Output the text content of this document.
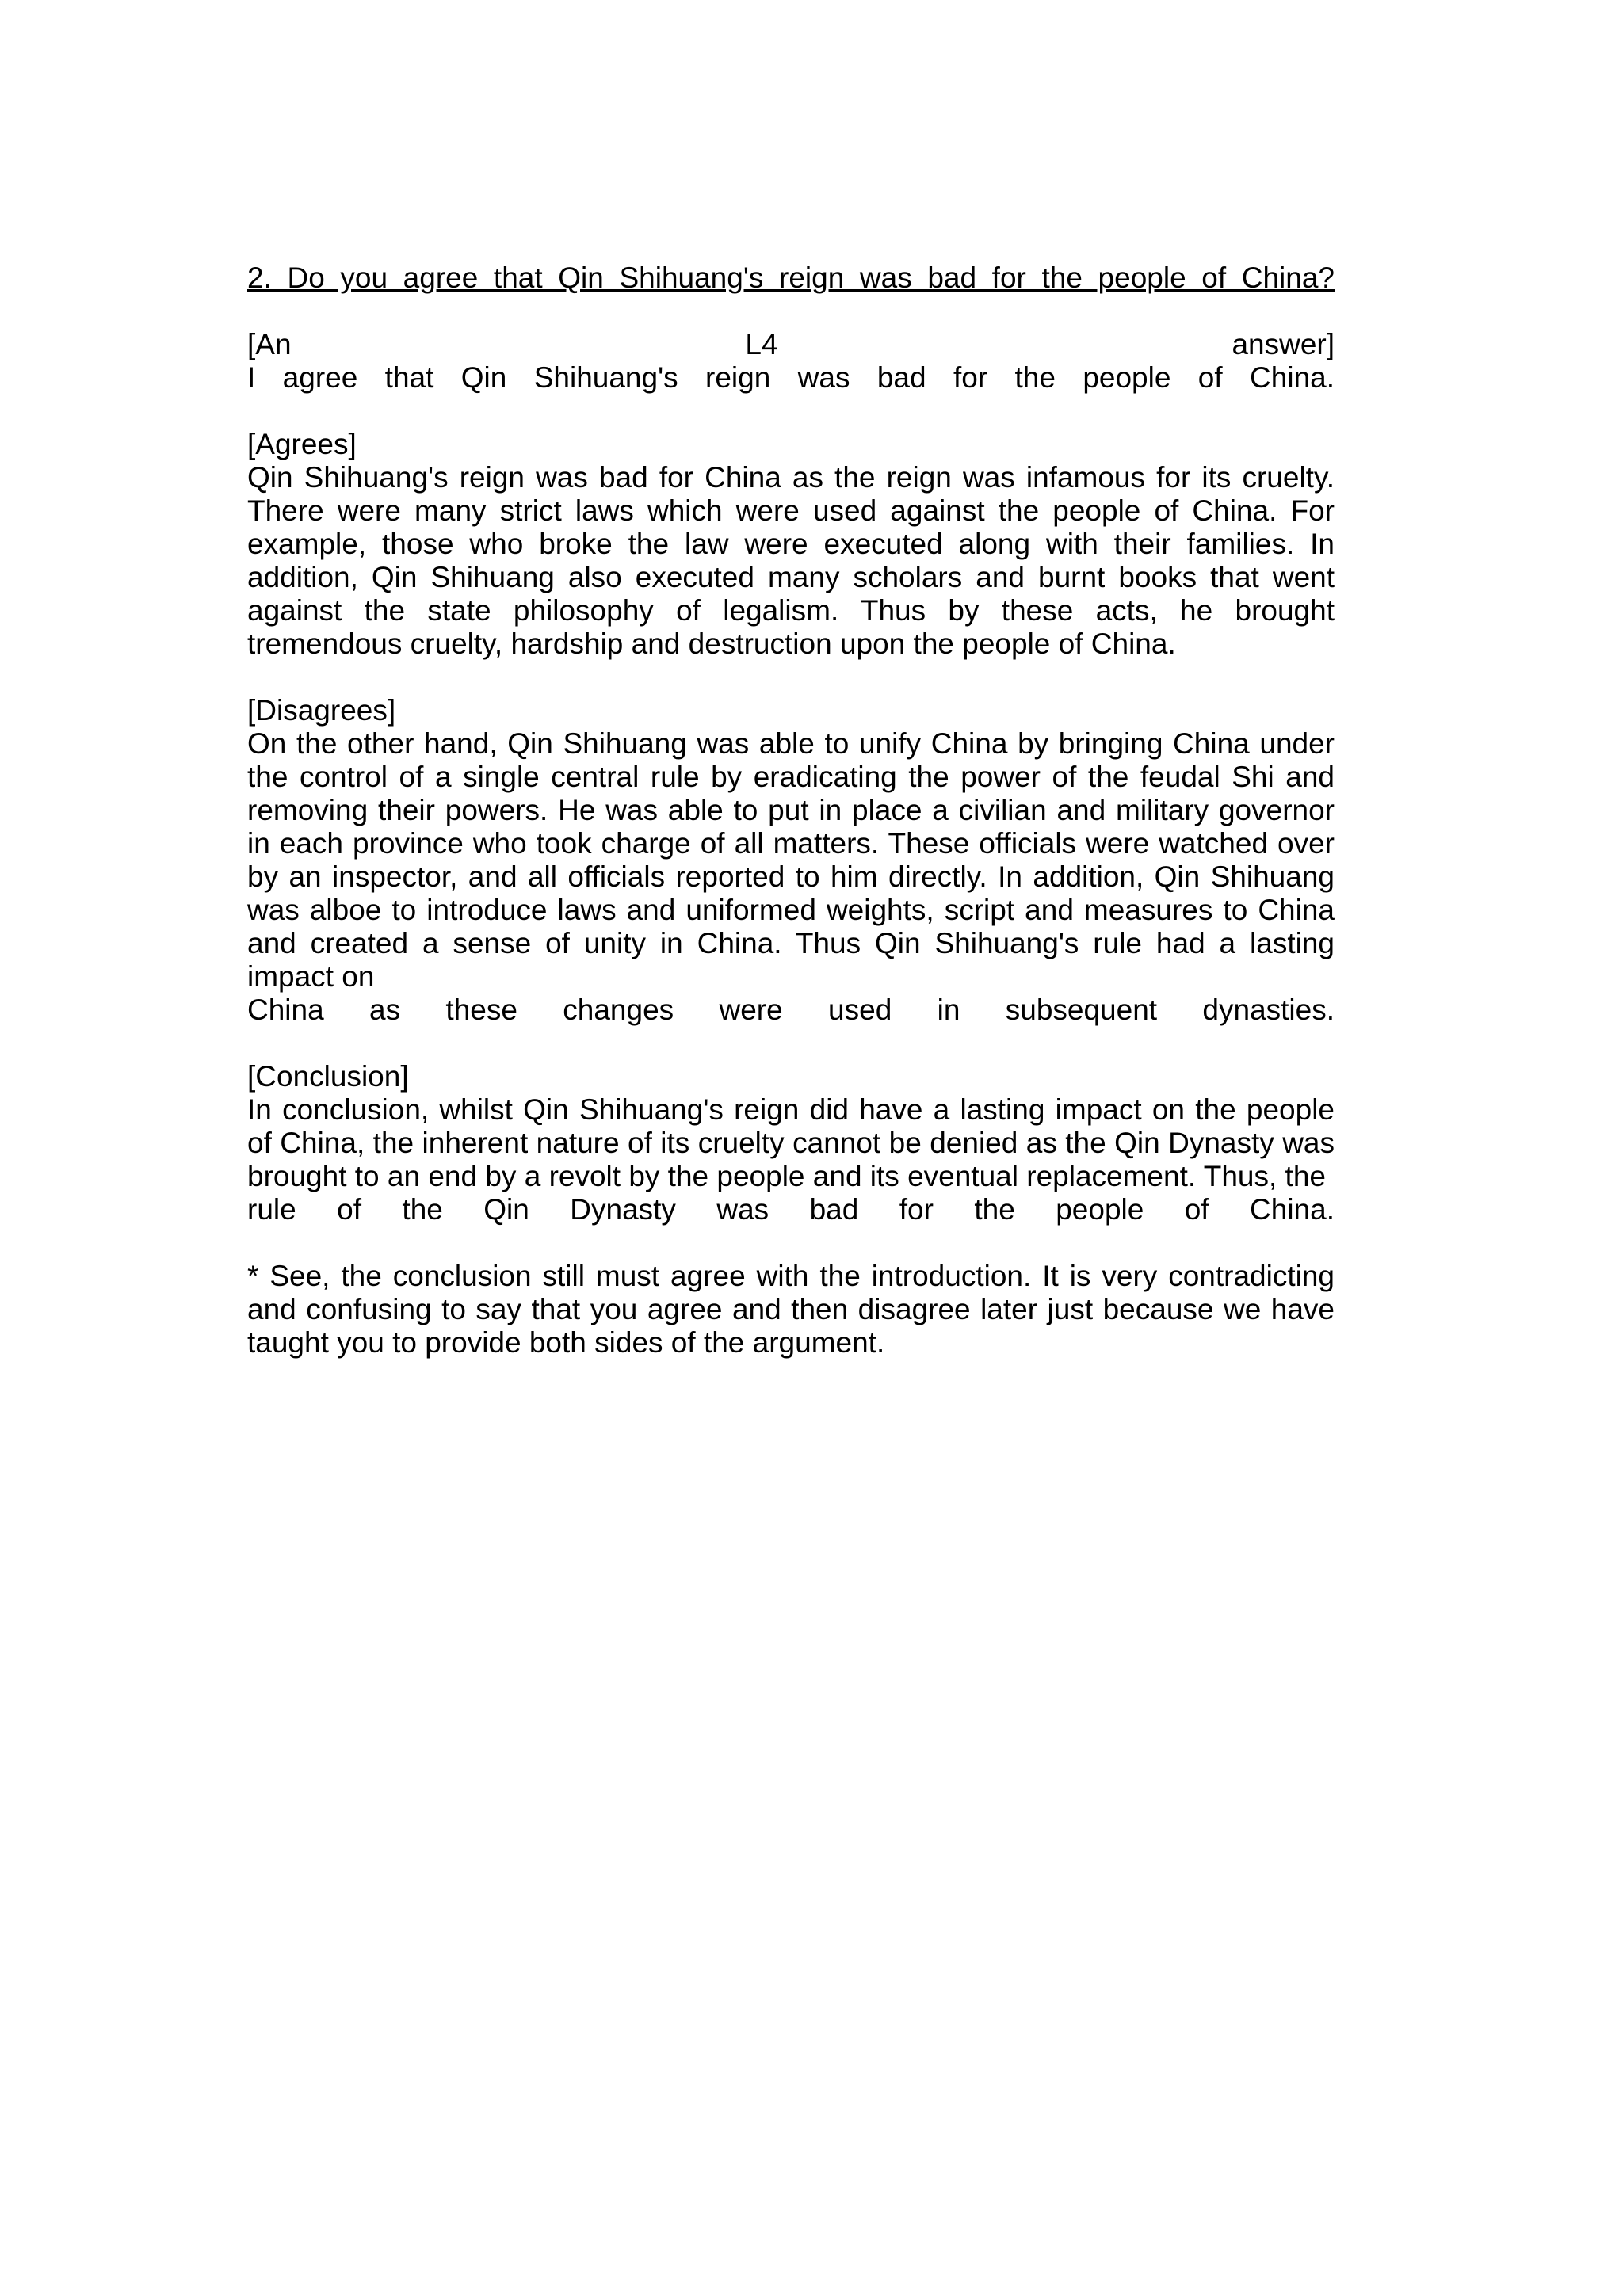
2. Do you agree that Qin Shihuang's reign was bad for the people of China?
[An	L4	answer]
I agree that Qin Shihuang's reign was bad for the people of China.
[Agrees]

Qin Shihuang's reign was bad for China as the reign was infamous for its cruelty. There were many strict laws which were used against the people of China. For example, those who broke the law were executed along with their families. In addition, Qin Shihuang also executed many scholars and burnt books that went against the state philosophy of legalism. Thus by these acts, he brought tremendous cruelty, hardship and destruction upon the people of China.

[Disagrees]

On the other hand, Qin Shihuang was able to unify China by bringing China under the control of a single central rule by eradicating the power of the feudal Shi and removing their powers. He was able to put in place a civilian and military governor in each province who took charge of all matters. These officials were watched over by an inspector, and all officials reported to him directly. In addition, Qin Shihuang was alboe to introduce laws and uniformed weights, script and measures to China and created a sense of unity in China. Thus Qin Shihuang's rule had a lasting impact on

China as these changes were used in subsequent dynasties.
[Conclusion]

In conclusion, whilst Qin Shihuang's reign did have a lasting impact on the people of China, the inherent nature of its cruelty cannot be denied as the Qin Dynasty was brought to an end by a revolt by the people and its eventual replacement. Thus, the

rule of the Qin Dynasty was bad for the people of China.

* See, the conclusion still must agree with the introduction. It is very contradicting and confusing to say that you agree and then disagree later just because we have taught you to provide both sides of the argument.
